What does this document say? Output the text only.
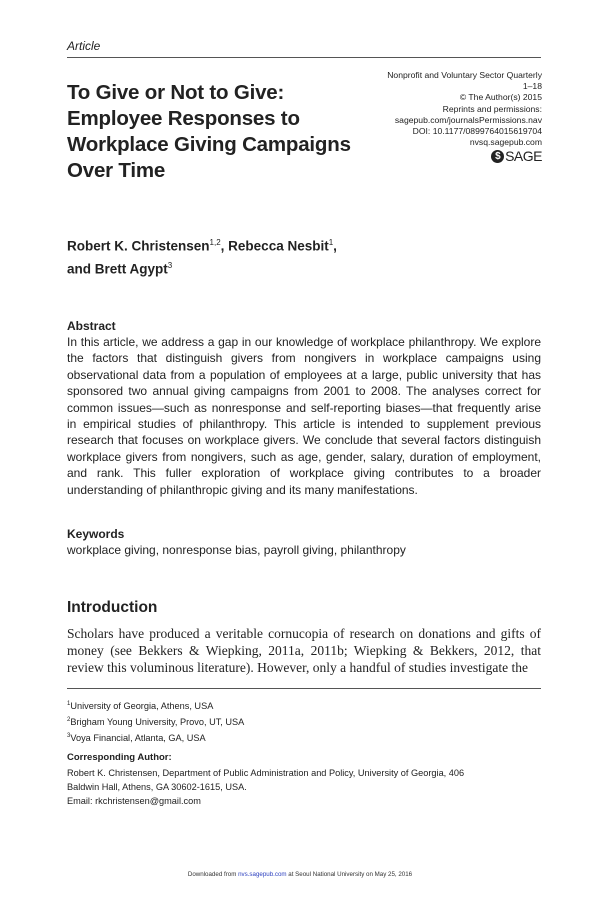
Article
Nonprofit and Voluntary Sector Quarterly
1–18
© The Author(s) 2015
Reprints and permissions:
sagepub.com/journalsPermissions.nav
DOI: 10.1177/0899764015619704
nvsq.sagepub.com
$ SAGE
To Give or Not to Give:
Employee Responses to
Workplace Giving Campaigns
Over Time
Robert K. Christensen$^{1,2}$, Rebecca Nesbit$^1$,
and Brett Agypt$^3$
Abstract
In this article, we address a gap in our knowledge of workplace philanthropy. We explore the factors that distinguish givers from nongivers in workplace campaigns using observational data from a population of employees at a large, public university that has sponsored two annual giving campaigns from 2001 to 2008. The analyses correct for common issues—such as nonresponse and self-reporting biases—that frequently arise in empirical studies of philanthropy. This article is intended to supplement previous research that focuses on workplace givers. We conclude that several factors distinguish workplace givers from nongivers, such as age, gender, salary, duration of employment, and rank. This fuller exploration of workplace giving contributes to a broader understanding of philanthropic giving and its many manifestations.
Keywords
workplace giving, nonresponse bias, payroll giving, philanthropy
Introduction
Scholars have produced a veritable cornucopia of research on donations and gifts of money (see Bekkers & Wiepking, 2011a, 2011b; Wiepking & Bekkers, 2012, that review this voluminous literature). However, only a handful of studies investigate the
$^1$University of Georgia, Athens, USA
$^2$Brigham Young University, Provo, UT, USA
$^3$Voya Financial, Atlanta, GA, USA
Corresponding Author:
Robert K. Christensen, Department of Public Administration and Policy, University of Georgia, 406
Baldwin Hall, Athens, GA 30602-1615, USA.
Email: rkchristensen@gmail.com
Downloaded from nvs.sagepub.com at Seoul National University on May 25, 2016
